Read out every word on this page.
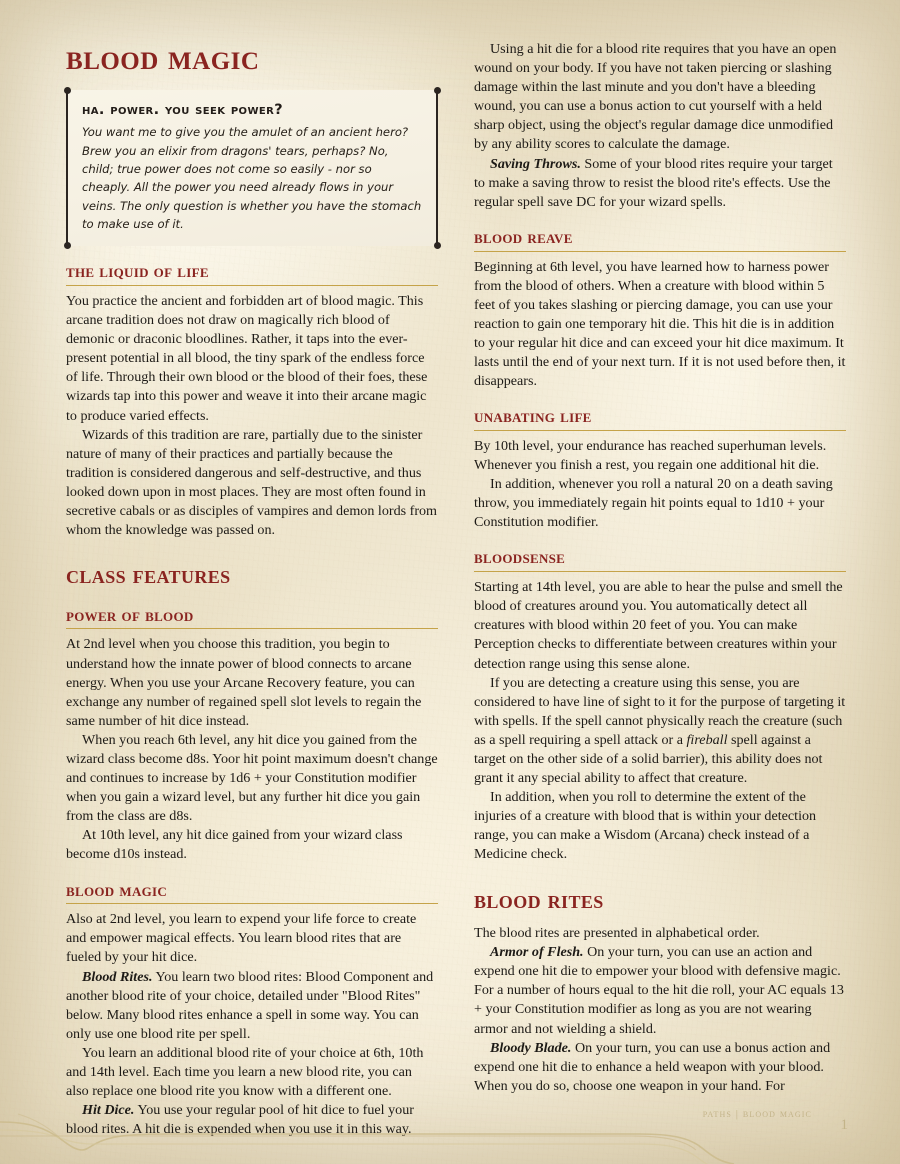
blood magic

ha. power. you seek power?

You want me to give you the amulet of an ancient hero? Brew you an elixir from dragons' tears, perhaps? No, child; true power does not come so easily - nor so cheaply. All the power you need already flows in your veins. The only question is whether you have the stomach to make use of it.

the liquid of life

You practice the ancient and forbidden art of blood magic. This arcane tradition does not draw on magically rich blood of demonic or draconic bloodlines. Rather, it taps into the ever-present potential in all blood, the tiny spark of the endless force of life. Through their own blood or the blood of their foes, these wizards tap into this power and weave it into their arcane magic to produce varied effects.

Wizards of this tradition are rare, partially due to the sinister nature of many of their practices and partially because the tradition is considered dangerous and self-destructive, and thus looked down upon in most places. They are most often found in secretive cabals or as disciples of vampires and demon lords from whom the knowledge was passed on.

class features
power of blood

At 2nd level when you choose this tradition, you begin to understand how the innate power of blood connects to arcane energy. When you use your Arcane Recovery feature, you can exchange any number of regained spell slot levels to regain the same number of hit dice instead.

When you reach 6th level, any hit dice you gained from the wizard class become d8s. Yoor hit point maximum doesn't change and continues to increase by 1d6 + your Constitution modifier when you gain a wizard level, but any further hit dice you gain from the class are d8s.

At 10th level, any hit dice gained from your wizard class become d10s instead.

blood magic

Also at 2nd level, you learn to expend your life force to create and empower magical effects. You learn blood rites that are fueled by your hit dice.

Blood Rites. You learn two blood rites: Blood Component and another blood rite of your choice, detailed under "Blood Rites" below. Many blood rites enhance a spell in some way. You can only use one blood rite per spell.

You learn an additional blood rite of your choice at 6th, 10th and 14th level. Each time you learn a new blood rite, you can also replace one blood rite you know with a different one.

Hit Dice. You use your regular pool of hit dice to fuel your blood rites. A hit die is expended when you use it in this way.

Using a hit die for a blood rite requires that you have an open wound on your body. If you have not taken piercing or slashing damage within the last minute and you don't have a bleeding wound, you can use a bonus action to cut yourself with a held sharp object, using the object's regular damage dice unmodified by any ability scores to calculate the damage.

Saving Throws. Some of your blood rites require your target to make a saving throw to resist the blood rite's effects. Use the regular spell save DC for your wizard spells.

blood reave

Beginning at 6th level, you have learned how to harness power from the blood of others. When a creature with blood within 5 feet of you takes slashing or piercing damage, you can use your reaction to gain one temporary hit die. This hit die is in addition to your regular hit dice and can exceed your hit dice maximum. It lasts until the end of your next turn. If it is not used before then, it disappears.

unabating life

By 10th level, your endurance has reached superhuman levels. Whenever you finish a rest, you regain one additional hit die.

In addition, whenever you roll a natural 20 on a death saving throw, you immediately regain hit points equal to 1d10 + your Constitution modifier.

bloodsense

Starting at 14th level, you are able to hear the pulse and smell the blood of creatures around you. You automatically detect all creatures with blood within 20 feet of you. You can make Perception checks to differentiate between creatures within your detection range using this sense alone.

If you are detecting a creature using this sense, you are considered to have line of sight to it for the purpose of targeting it with spells. If the spell cannot physically reach the creature (such as a spell requiring a spell attack or a fireball spell against a target on the other side of a solid barrier), this ability does not grant it any special ability to affect that creature.

In addition, when you roll to determine the extent of the injuries of a creature with blood that is within your detection range, you can make a Wisdom (Arcana) check instead of a Medicine check.

blood rites

The blood rites are presented in alphabetical order.

Armor of Flesh. On your turn, you can use an action and expend one hit die to empower your blood with defensive magic. For a number of hours equal to the hit die roll, your AC equals 13 + your Constitution modifier as long as you are not wearing armor and not wielding a shield.

Bloody Blade. On your turn, you can use a bonus action and expend one hit die to enhance a held weapon with your blood. When you do so, choose one weapon in your hand. For

paths | blood magic
1
